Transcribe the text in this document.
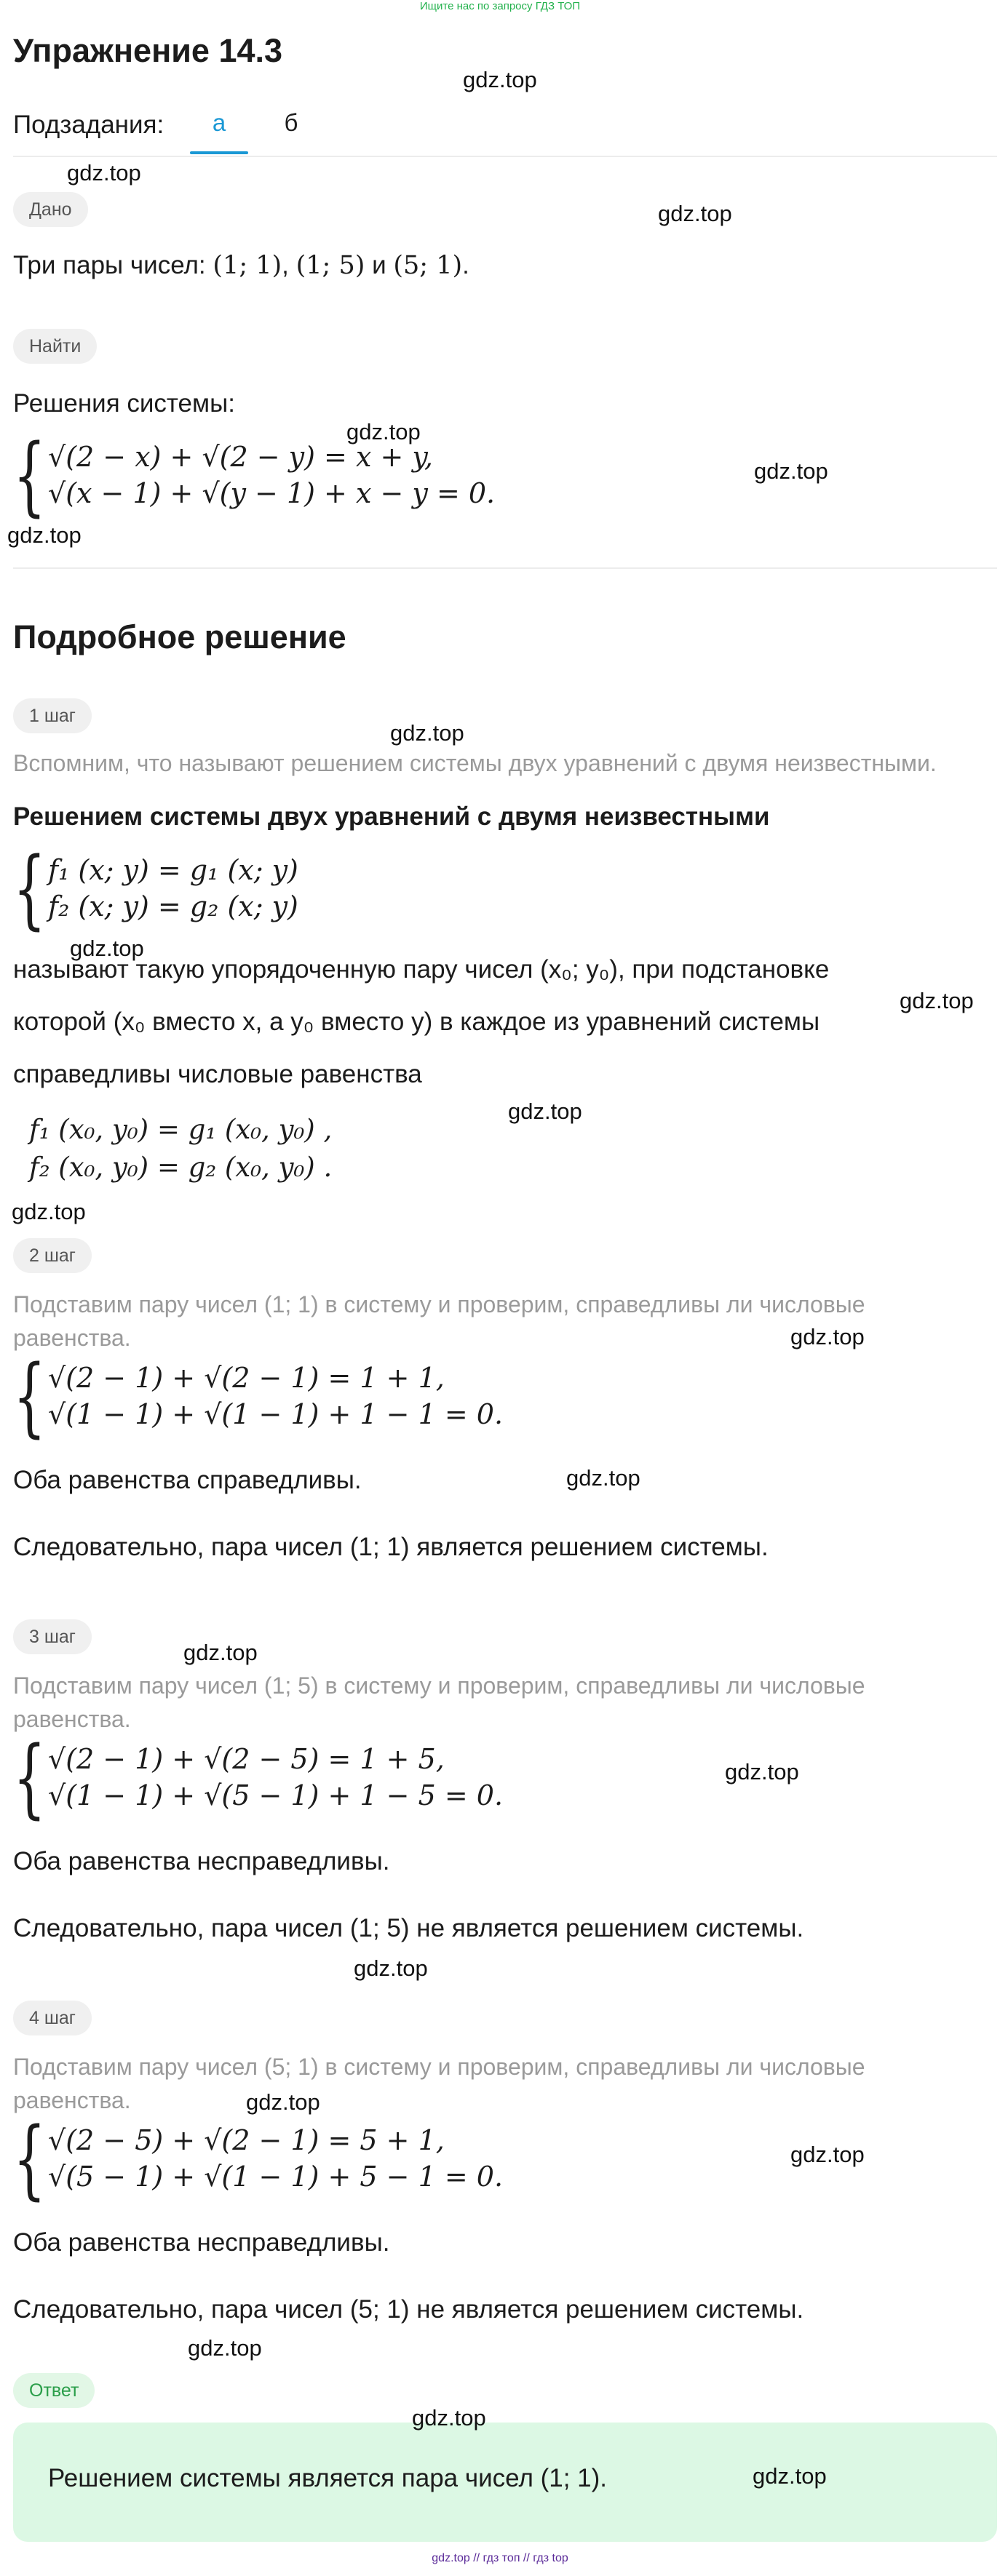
Ищите нас по запросу ГДЗ ТОП
Упражнение 14.3
Подзадания:	а	б
Дано
Три пары чисел: (1; 1), (1; 5) и (5; 1).
Найти
Решения системы:
{ √(2 − x) + √(2 − y) = x + y,
√(x − 1) + √(y − 1) + x − y = 0.
Подробное решение
1 шаг
Вспомним, что называют решением системы двух уравнений с двумя неизвестными.
Решением системы двух уравнений с двумя неизвестными
{ f₁ (x; y) = g₁ (x; y)
f₂ (x; y) = g₂ (x; y)
называют такую упорядоченную пару чисел (x₀; y₀), при подстановке
которой (x₀ вместо x, а y₀ вместо y) в каждое из уравнений системы
справедливы числовые равенства
f₁ (x₀, y₀) = g₁ (x₀, y₀) ,
f₂ (x₀, y₀) = g₂ (x₀, y₀) .
2 шаг
Подставим пару чисел (1; 1) в систему и проверим, справедливы ли числовые равенства.
{ √(2 − 1) + √(2 − 1) = 1 + 1,
√(1 − 1) + √(1 − 1) + 1 − 1 = 0.
Оба равенства справедливы.
Следовательно, пара чисел (1; 1) является решением системы.
3 шаг
Подставим пару чисел (1; 5) в систему и проверим, справедливы ли числовые равенства.
{ √(2 − 1) + √(2 − 5) = 1 + 5,
√(1 − 1) + √(5 − 1) + 1 − 5 = 0.
Оба равенства несправедливы.
Следовательно, пара чисел (1; 5) не является решением системы.
4 шаг
Подставим пару чисел (5; 1) в систему и проверим, справедливы ли числовые равенства.
{ √(2 − 5) + √(2 − 1) = 5 + 1,
√(5 − 1) + √(1 − 1) + 5 − 1 = 0.
Оба равенства несправедливы.
Следовательно, пара чисел (5; 1) не является решением системы.
Ответ
Решением системы является пара чисел (1; 1).
gdz.top
gdz.top
gdz.top
gdz.top
gdz.top
gdz.top
gdz.top
gdz.top
gdz.top
gdz.top
gdz.top
gdz.top
gdz.top
gdz.top
gdz.top
gdz.top
gdz.top
gdz.top
gdz.top
gdz.top
gdz.top
gdz.top // гдз топ // гдз top
